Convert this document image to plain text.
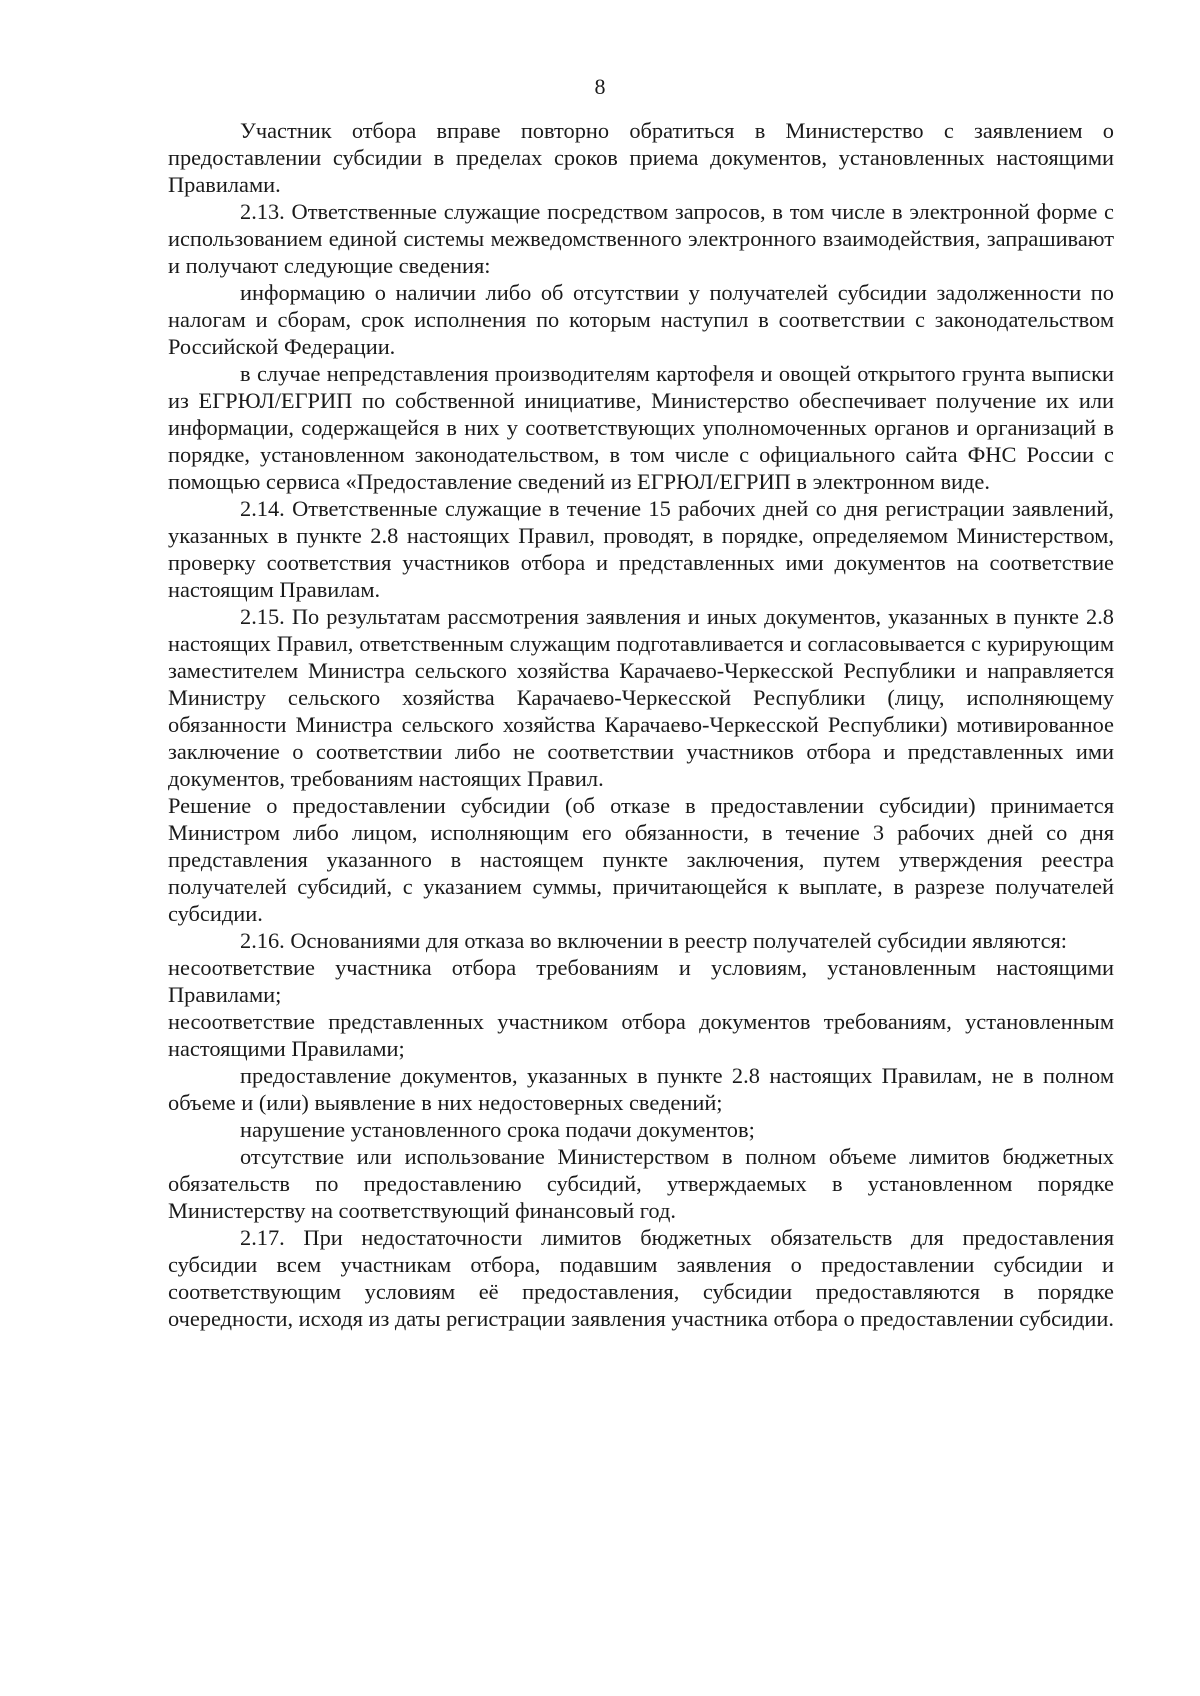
8

Участник отбора вправе повторно обратиться в Министерство с заявлением о предоставлении субсидии в пределах сроков приема документов, установленных настоящими Правилами.

2.13. Ответственные служащие посредством запросов, в том числе в электронной форме с использованием единой системы межведомственного электронного взаимодействия, запрашивают и получают следующие сведения:

информацию о наличии либо об отсутствии у получателей субсидии задолженности по налогам и сборам, срок исполнения по которым наступил в соответствии с законодательством Российской Федерации.

в случае непредставления производителям картофеля и овощей открытого грунта выписки из ЕГРЮЛ/ЕГРИП по собственной инициативе, Министерство обеспечивает получение их или информации, содержащейся в них у соответствующих уполномоченных органов и организаций в порядке, установленном законодательством, в том числе с официального сайта ФНС России с помощью сервиса «Предоставление сведений из ЕГРЮЛ/ЕГРИП в электронном виде.

2.14. Ответственные служащие в течение 15 рабочих дней со дня регистрации заявлений, указанных в пункте 2.8 настоящих Правил, проводят, в порядке, определяемом Министерством, проверку соответствия участников отбора и представленных ими документов на соответствие настоящим Правилам.

2.15. По результатам рассмотрения заявления и иных документов, указанных в пункте 2.8 настоящих Правил, ответственным служащим подготавливается и согласовывается с курирующим заместителем Министра сельского хозяйства Карачаево-Черкесской Республики и направляется Министру сельского хозяйства Карачаево-Черкесской Республики (лицу, исполняющему обязанности Министра сельского хозяйства Карачаево-Черкесской Республики) мотивированное заключение о соответствии либо не соответствии участников отбора и представленных ими документов, требованиям настоящих Правил.

Решение о предоставлении субсидии (об отказе в предоставлении субсидии) принимается Министром либо лицом, исполняющим его обязанности, в течение 3 рабочих дней со дня представления указанного в настоящем пункте заключения, путем утверждения реестра получателей субсидий, с указанием суммы, причитающейся к выплате, в разрезе получателей субсидии.

2.16. Основаниями для отказа во включении в реестр получателей субсидии являются:

несоответствие участника отбора требованиям и условиям, установленным настоящими Правилами;

несоответствие представленных участником отбора документов требованиям, установленным настоящими Правилами;

предоставление документов, указанных в пункте 2.8 настоящих Правилам, не в полном объеме и (или) выявление в них недостоверных сведений;

нарушение установленного срока подачи документов;

отсутствие или использование Министерством в полном объеме лимитов бюджетных обязательств по предоставлению субсидий, утверждаемых в установленном порядке Министерству на соответствующий финансовый год.

2.17. При недостаточности лимитов бюджетных обязательств для предоставления субсидии всем участникам отбора, подавшим заявления о предоставлении субсидии и соответствующим условиям её предоставления, субсидии предоставляются в порядке очередности, исходя из даты регистрации заявления участника отбора о предоставлении субсидии.
